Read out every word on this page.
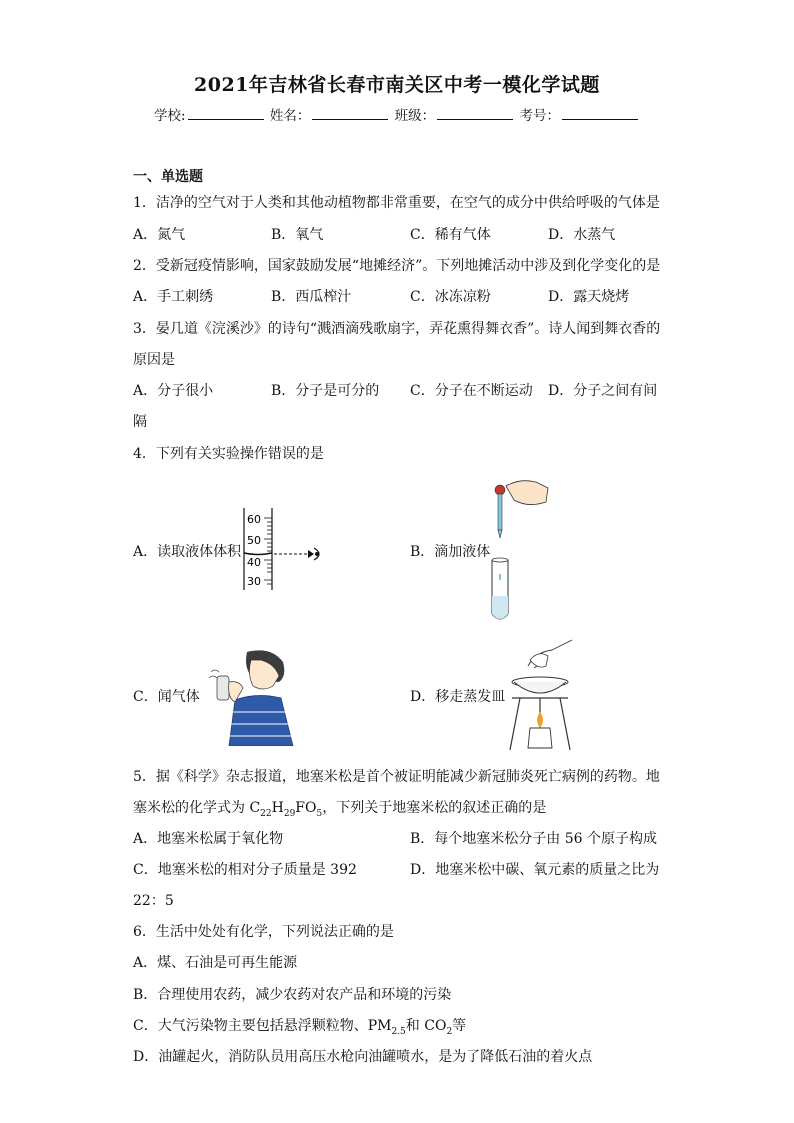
2021年吉林省长春市南关区中考一模化学试题
学校:	姓名：	班级：	考号：
一、单选题
1．洁净的空气对于人类和其他动植物都非常重要，在空气的成分中供给呼吸的气体是
A．氮气	B．氧气	C．稀有气体	D．水蒸气
2．受新冠疫情影响，国家鼓励发展“地摊经济”。下列地摊活动中涉及到化学变化的是
A．手工刺绣	B．西瓜榨汁	C．冰冻凉粉	D．露天烧烤
3．晏几道《浣溪沙》的诗句“溅酒滴残歌扇字，弄花熏得舞衣香”。诗人闻到舞衣香的
原因是
A．分子很小	B．分子是可分的 C．分子在不断运动 D．分子之间有间
隔
4．下列有关实验操作错误的是
A．读取液体体积
60
50
40
30
B．滴加液体
C．闻气体	D．移走蒸发皿
5．据《科学》杂志报道，地塞米松是首个被证明能减少新冠肺炎死亡病例的药物。地
塞米松的化学式为 $C_{22}H_{29}FO_5$，下列关于地塞米松的叙述正确的是
A．地塞米松属于氧化物	B．每个地塞米松分子由 56 个原子构成
C．地塞米松的相对分子质量是 392	D．地塞米松中碳、氧元素的质量之比为
22：5
6．生活中处处有化学，下列说法正确的是
A．煤、石油是可再生能源
B．合理使用农药，减少农药对农产品和环境的污染
C．大气污染物主要包括悬浮颗粒物、$PM_{2.5}$和 $CO_2$等
D．油罐起火，消防队员用高压水枪向油罐喷水，是为了降低石油的着火点
